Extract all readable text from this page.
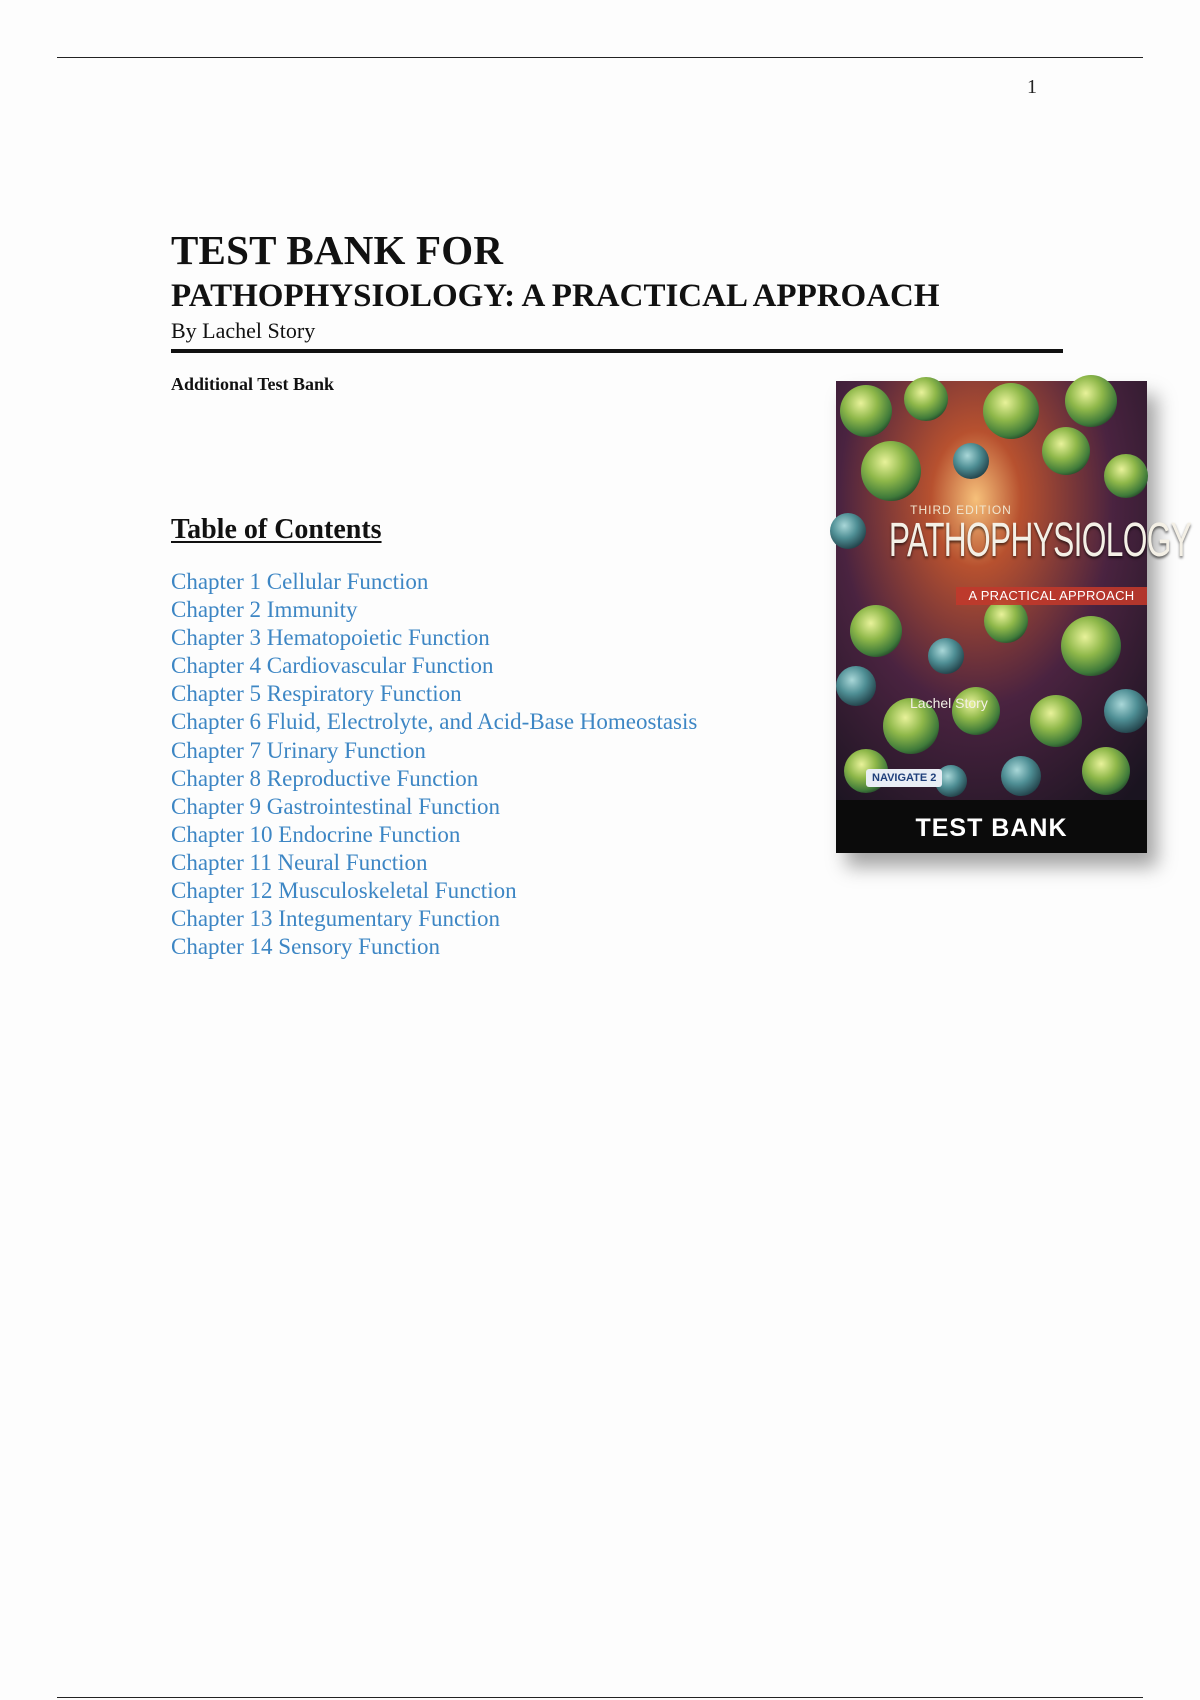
1
TEST BANK FOR
PATHOPHYSIOLOGY: A PRACTICAL APPROACH
By Lachel Story
Additional Test Bank
Table of Contents
Chapter 1 Cellular Function
Chapter 2 Immunity
Chapter 3 Hematopoietic Function
Chapter 4 Cardiovascular Function
Chapter 5 Respiratory Function
Chapter 6 Fluid, Electrolyte, and Acid-Base Homeostasis
Chapter 7 Urinary Function
Chapter 8 Reproductive Function
Chapter 9 Gastrointestinal Function
Chapter 10 Endocrine Function
Chapter 11 Neural Function
Chapter 12 Musculoskeletal Function
Chapter 13 Integumentary Function
Chapter 14 Sensory Function
THIRD EDITION
PATHOPHYSIOLOGY
A PRACTICAL APPROACH
Lachel Story
NAVIGATE 2
TEST BANK
